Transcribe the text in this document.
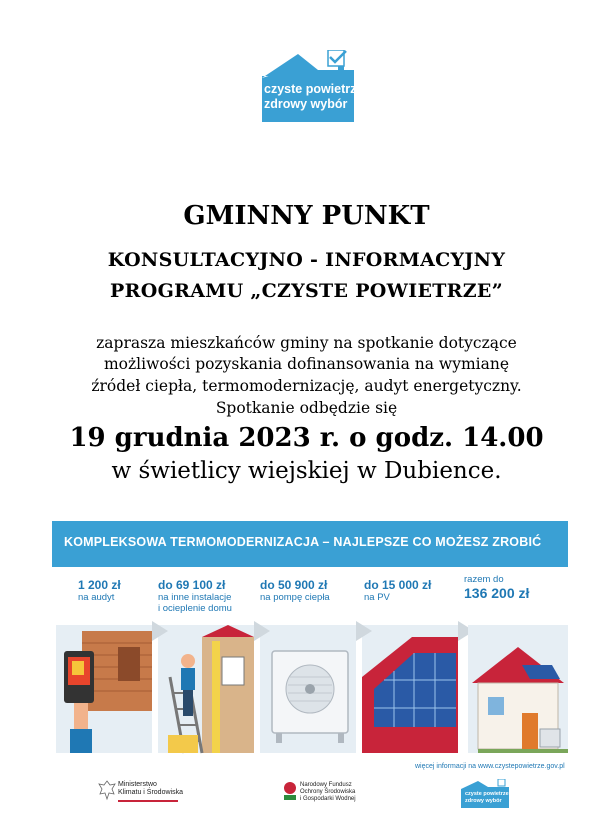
czyste powietrze
zdrowy wybór
GMINNY PUNKT
KONSULTACYJNO - INFORMACYJNY
PROGRAMU „CZYSTE POWIETRZE”
zaprasza mieszkańców gminy na spotkanie dotyczące
możliwości pozyskania dofinansowania na wymianę
źródeł ciepła, termomodernizację, audyt energetyczny.
Spotkanie odbędzie się
19 grudnia 2023 r. o godz. 14.00
w świetlicy wiejskiej w Dubience.
KOMPLEKSOWA TERMOMODERNIZACJA – NAJLEPSZE CO MOŻESZ ZROBIĆ
1 200 zł
na audyt
do 69 100 zł
na inne instalacje
i ocieplenie domu
do 50 900 zł
na pompę ciepła
do 15 000 zł
na PV
razem do
136 200 zł
więcej informacji na www.czystepowietrze.gov.pl
Ministerstwo
Klimatu i Środowiska
Narodowy Fundusz
Ochrony Środowiska
i Gospodarki Wodnej
czyste powietrze
zdrowy wybór
